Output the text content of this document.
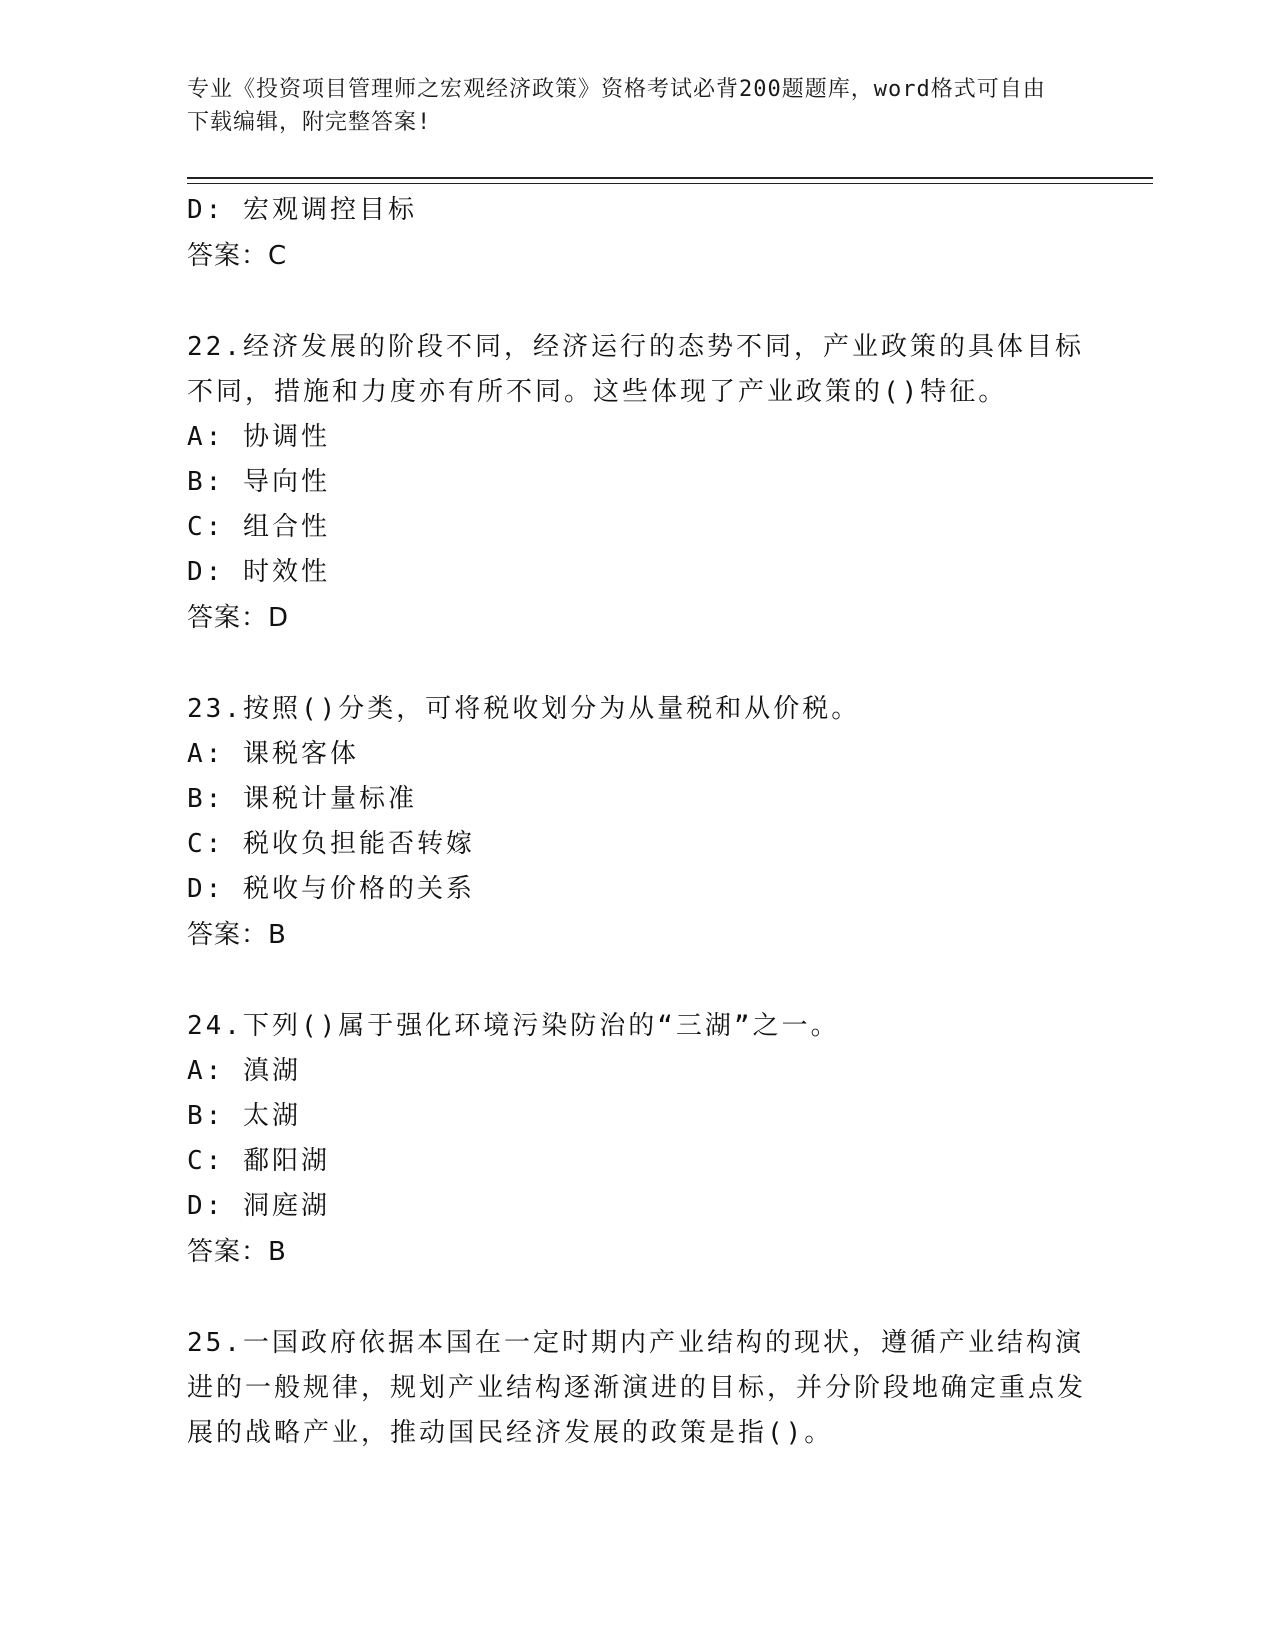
专业《投资项目管理师之宏观经济政策》资格考试必背200题题库，word格式可自由下载编辑，附完整答案!
D: 宏观调控目标
答案：C
22.经济发展的阶段不同，经济运行的态势不同，产业政策的具体目标不同，措施和力度亦有所不同。这些体现了产业政策的()特征。
A: 协调性
B: 导向性
C: 组合性
D: 时效性
答案：D
23.按照()分类，可将税收划分为从量税和从价税。
A: 课税客体
B: 课税计量标准
C: 税收负担能否转嫁
D: 税收与价格的关系
答案：B
24.下列()属于强化环境污染防治的“三湖”之一。
A: 滇湖
B: 太湖
C: 鄱阳湖
D: 洞庭湖
答案：B
25.一国政府依据本国在一定时期内产业结构的现状，遵循产业结构演进的一般规律，规划产业结构逐渐演进的目标，并分阶段地确定重点发展的战略产业，推动国民经济发展的政策是指()。
